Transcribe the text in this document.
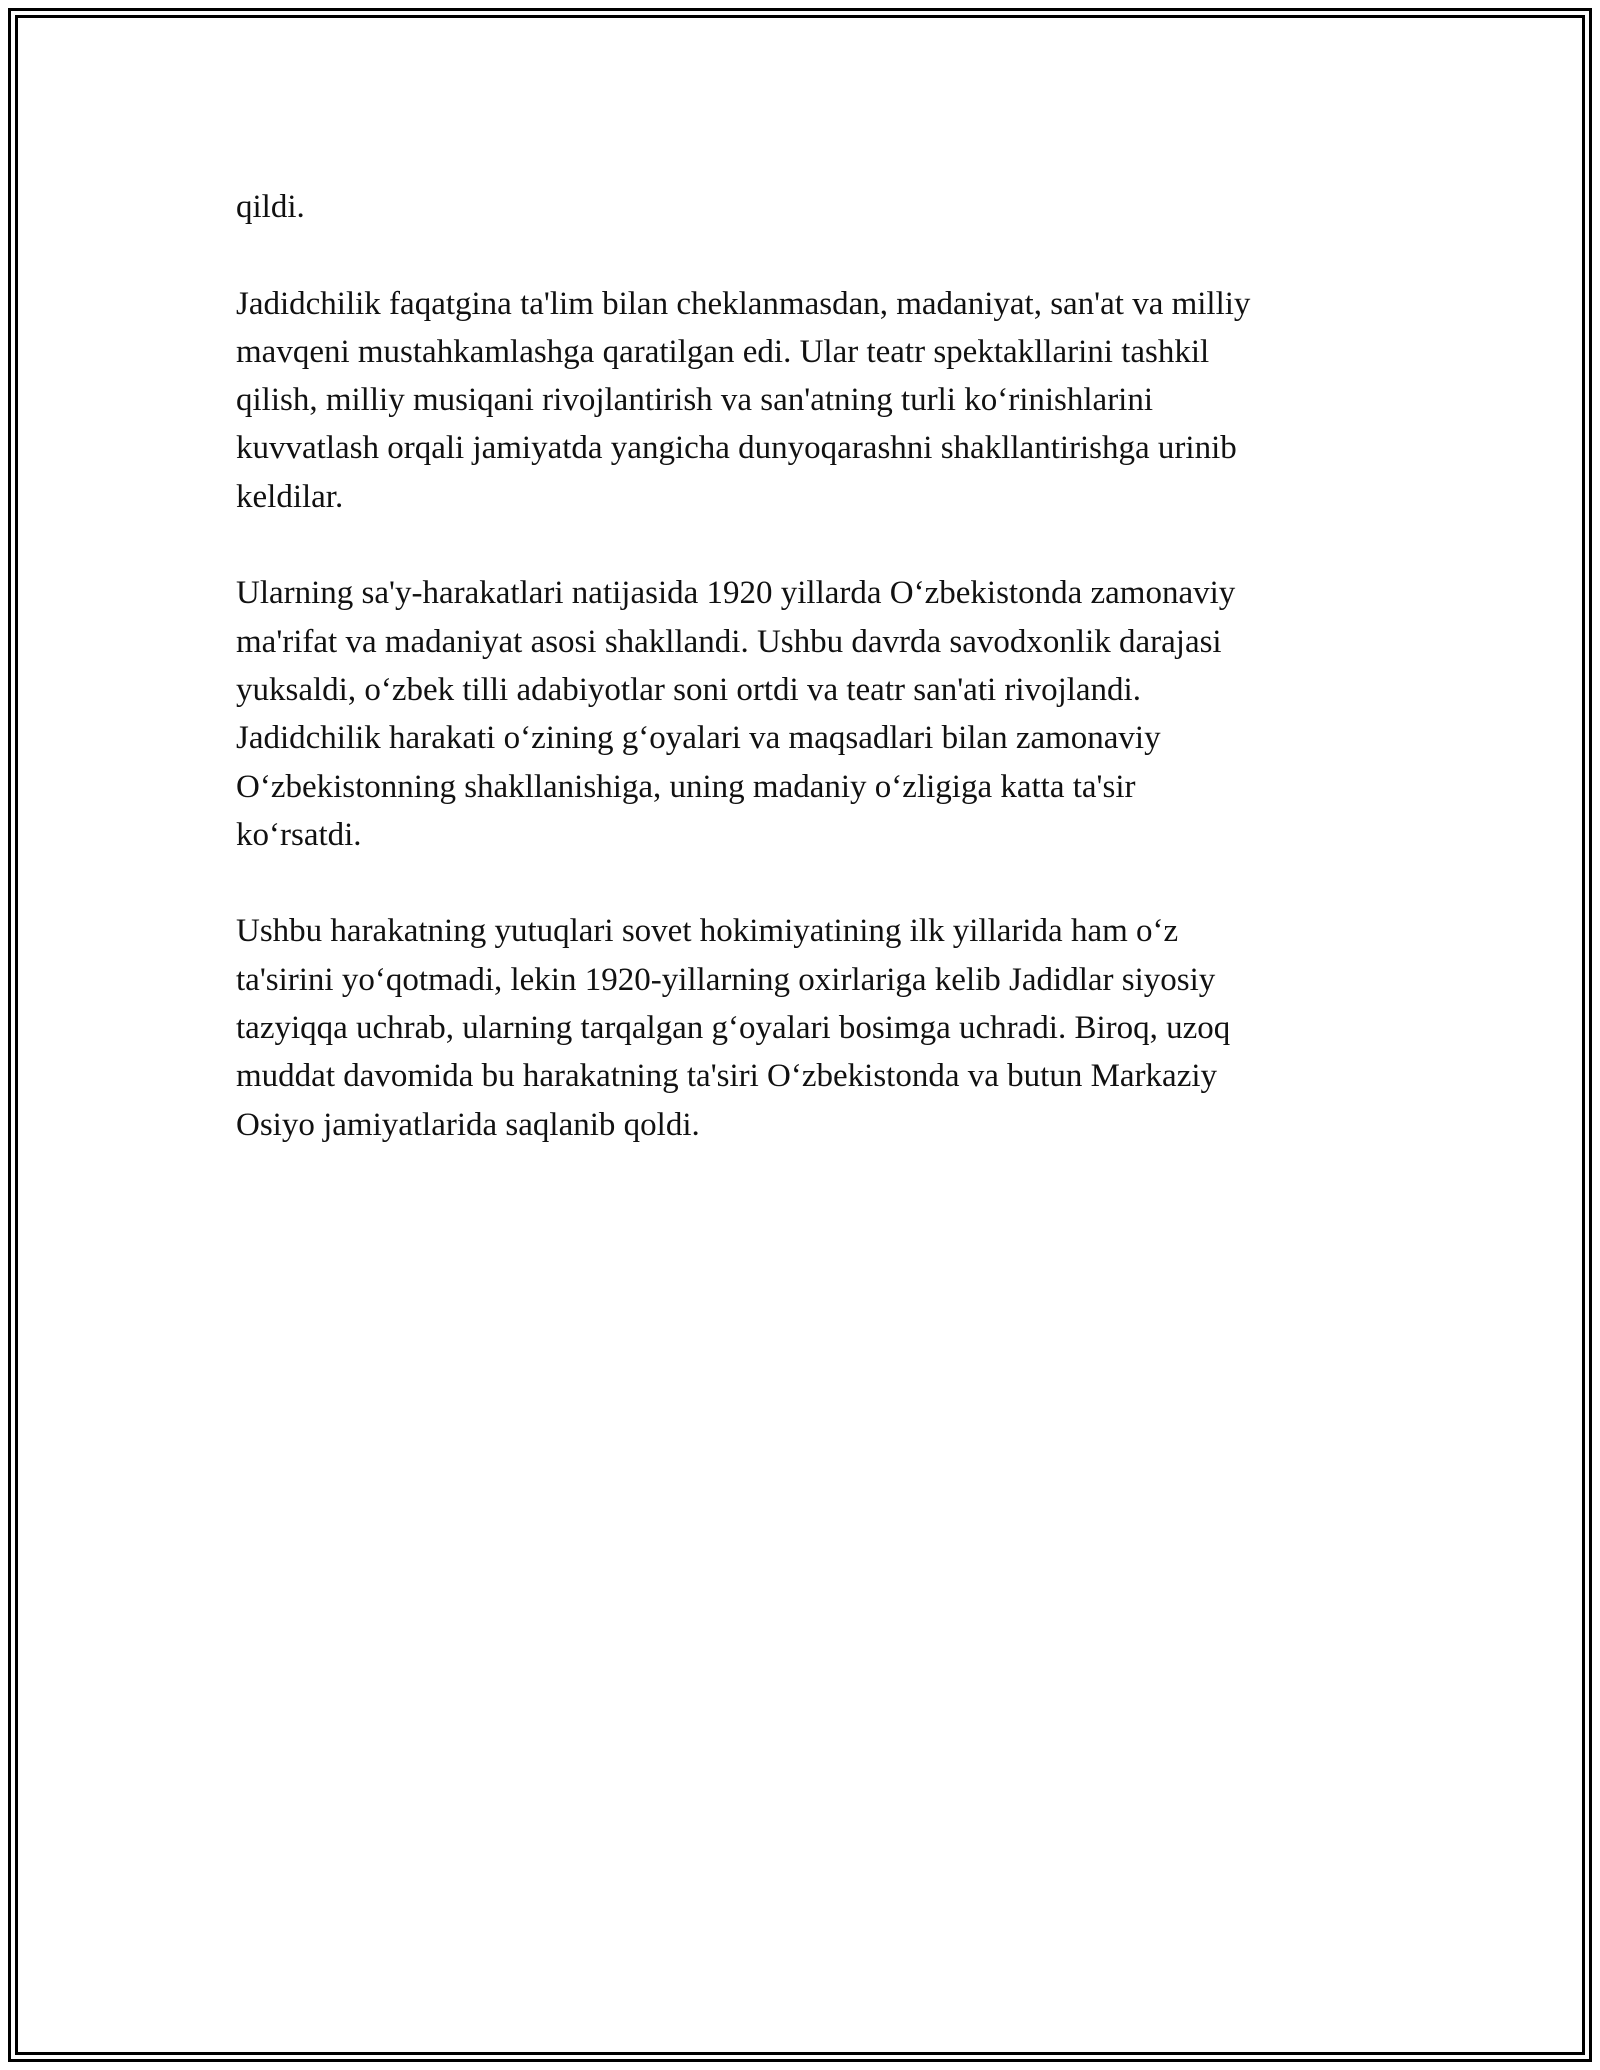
qildi.

Jadidchilik faqatgina ta'lim bilan cheklanmasdan, madaniyat, san'at va milliy
mavqeni mustahkamlashga qaratilgan edi. Ular teatr spektakllarini tashkil
qilish, milliy musiqani rivojlantirish va san'atning turli ko‘rinishlarini
kuvvatlash orqali jamiyatda yangicha dunyoqarashni shakllantirishga urinib
keldilar.

Ularning sa'y-harakatlari natijasida 1920 yillarda O‘zbekistonda zamonaviy
ma'rifat va madaniyat asosi shakllandi. Ushbu davrda savodxonlik darajasi
yuksaldi, o‘zbek tilli adabiyotlar soni ortdi va teatr san'ati rivojlandi.
Jadidchilik harakati o‘zining g‘oyalari va maqsadlari bilan zamonaviy
O‘zbekistonning shakllanishiga, uning madaniy o‘zligiga katta ta'sir
ko‘rsatdi.

Ushbu harakatning yutuqlari sovet hokimiyatining ilk yillarida ham o‘z
ta'sirini yo‘qotmadi, lekin 1920-yillarning oxirlariga kelib Jadidlar siyosiy
tazyiqqa uchrab, ularning tarqalgan g‘oyalari bosimga uchradi. Biroq, uzoq
muddat davomida bu harakatning ta'siri O‘zbekistonda va butun Markaziy
Osiyo jamiyatlarida saqlanib qoldi.
